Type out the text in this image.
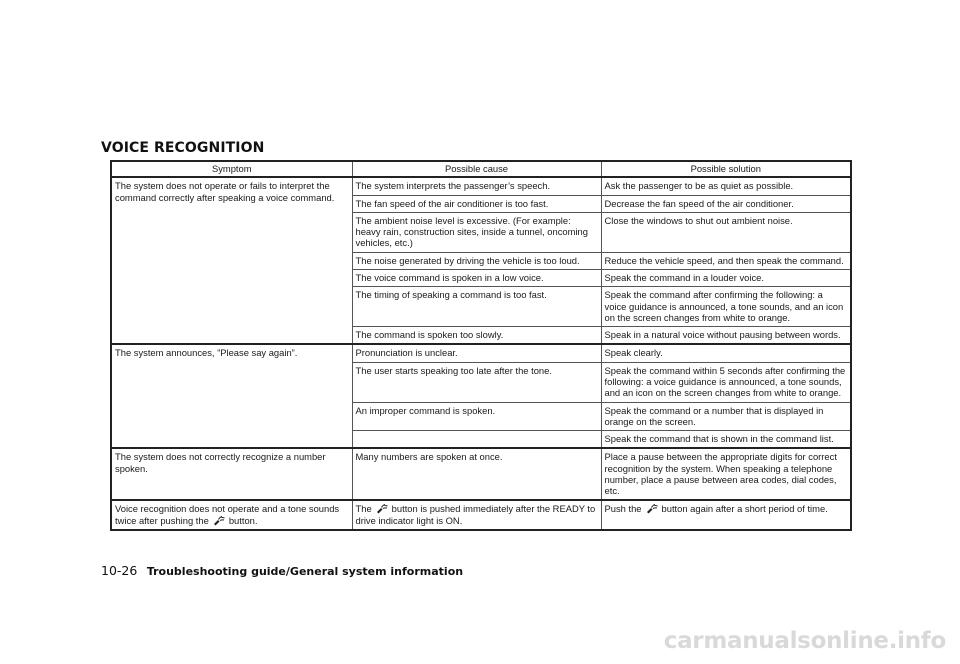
VOICE RECOGNITION
Symptom	Possible cause	Possible solution
The system does not operate or fails to interpret the command correctly after speaking a voice command.	The system interprets the passenger’s speech.	Ask the passenger to be as quiet as possible.
	The fan speed of the air conditioner is too fast.	Decrease the fan speed of the air conditioner.
	The ambient noise level is excessive. (For example: heavy rain, construction sites, inside a tunnel, oncoming vehicles, etc.)	Close the windows to shut out ambient noise.
	The noise generated by driving the vehicle is too loud.	Reduce the vehicle speed, and then speak the command.
	The voice command is spoken in a low voice.	Speak the command in a louder voice.
	The timing of speaking a command is too fast.	Speak the command after confirming the following: a voice guidance is announced, a tone sounds, and an icon on the screen changes from white to orange.
	The command is spoken too slowly.	Speak in a natural voice without pausing between words.
The system announces, ”Please say again”.	Pronunciation is unclear.	Speak clearly.
	The user starts speaking too late after the tone.	Speak the command within 5 seconds after confirming the following: a voice guidance is announced, a tone sounds, and an icon on the screen changes from white to orange.
	An improper command is spoken.	Speak the command or a number that is displayed in orange on the screen.
		Speak the command that is shown in the command list.
The system does not correctly recognize a number spoken.	Many numbers are spoken at once.	Place a pause between the appropriate digits for correct recognition by the system. When speaking a telephone number, place a pause between area codes, dial codes, etc.
Voice recognition does not operate and a tone sounds twice after pushing the button.	The button is pushed immediately after the READY to drive indicator light is ON.	Push the button again after a short period of time.
10-26 Troubleshooting guide/General system information
carmanualsonline.info
